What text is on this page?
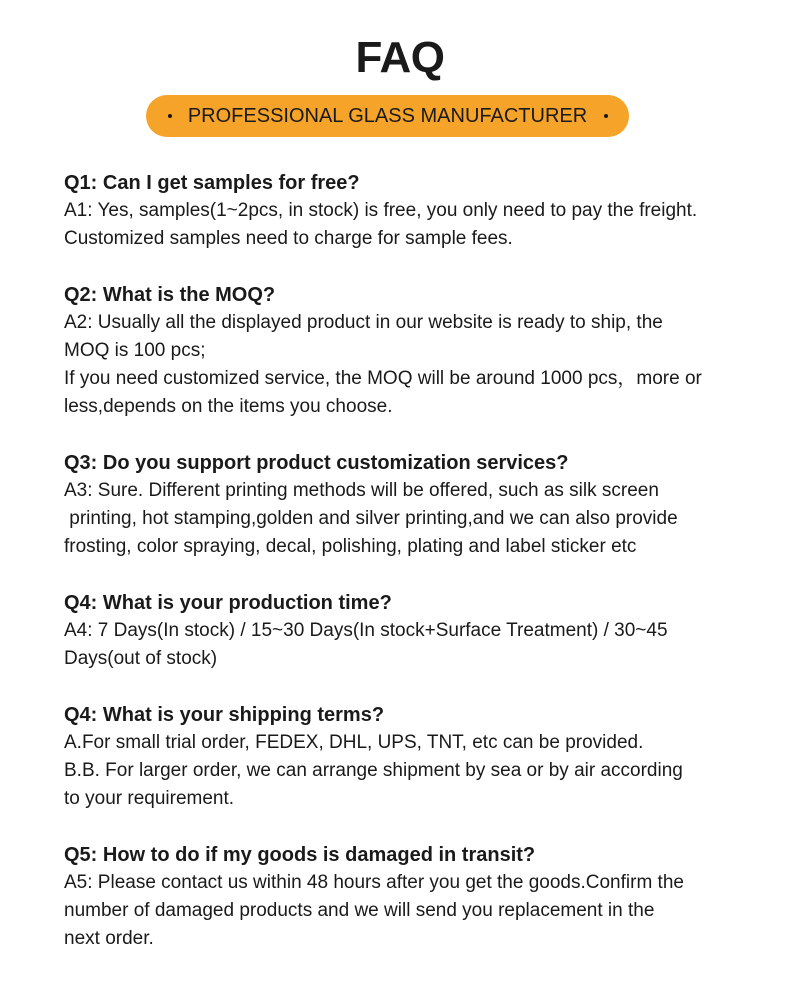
FAQ
PROFESSIONAL GLASS MANUFACTURER

Q1: Can I get samples for free?

A1: Yes, samples(1~2pcs, in stock) is free, you only need to pay the freight.

Customized samples need to charge for sample fees.

Q2: What is the MOQ?

A2: Usually all the displayed product in our website is ready to ship, the

MOQ is 100 pcs;

If you need customized service, the MOQ will be around 1000 pcs，more or

less,depends on the items you choose.

Q3: Do you support product customization services?

A3: Sure. Different printing methods will be offered, such as silk screen

printing, hot stamping,golden and silver printing,and we can also provide

frosting, color spraying, decal, polishing, plating and label sticker etc

Q4: What is your production time?

A4: 7 Days(In stock) / 15~30 Days(In stock+Surface Treatment) / 30~45

Days(out of stock)

Q4: What is your shipping terms?

A.For small trial order, FEDEX, DHL, UPS, TNT, etc can be provided.

B.B. For larger order, we can arrange shipment by sea or by air according

to your requirement.

Q5: How to do if my goods is damaged in transit?

A5: Please contact us within 48 hours after you get the goods.Confirm the

number of damaged products and we will send you replacement in the

next order.
